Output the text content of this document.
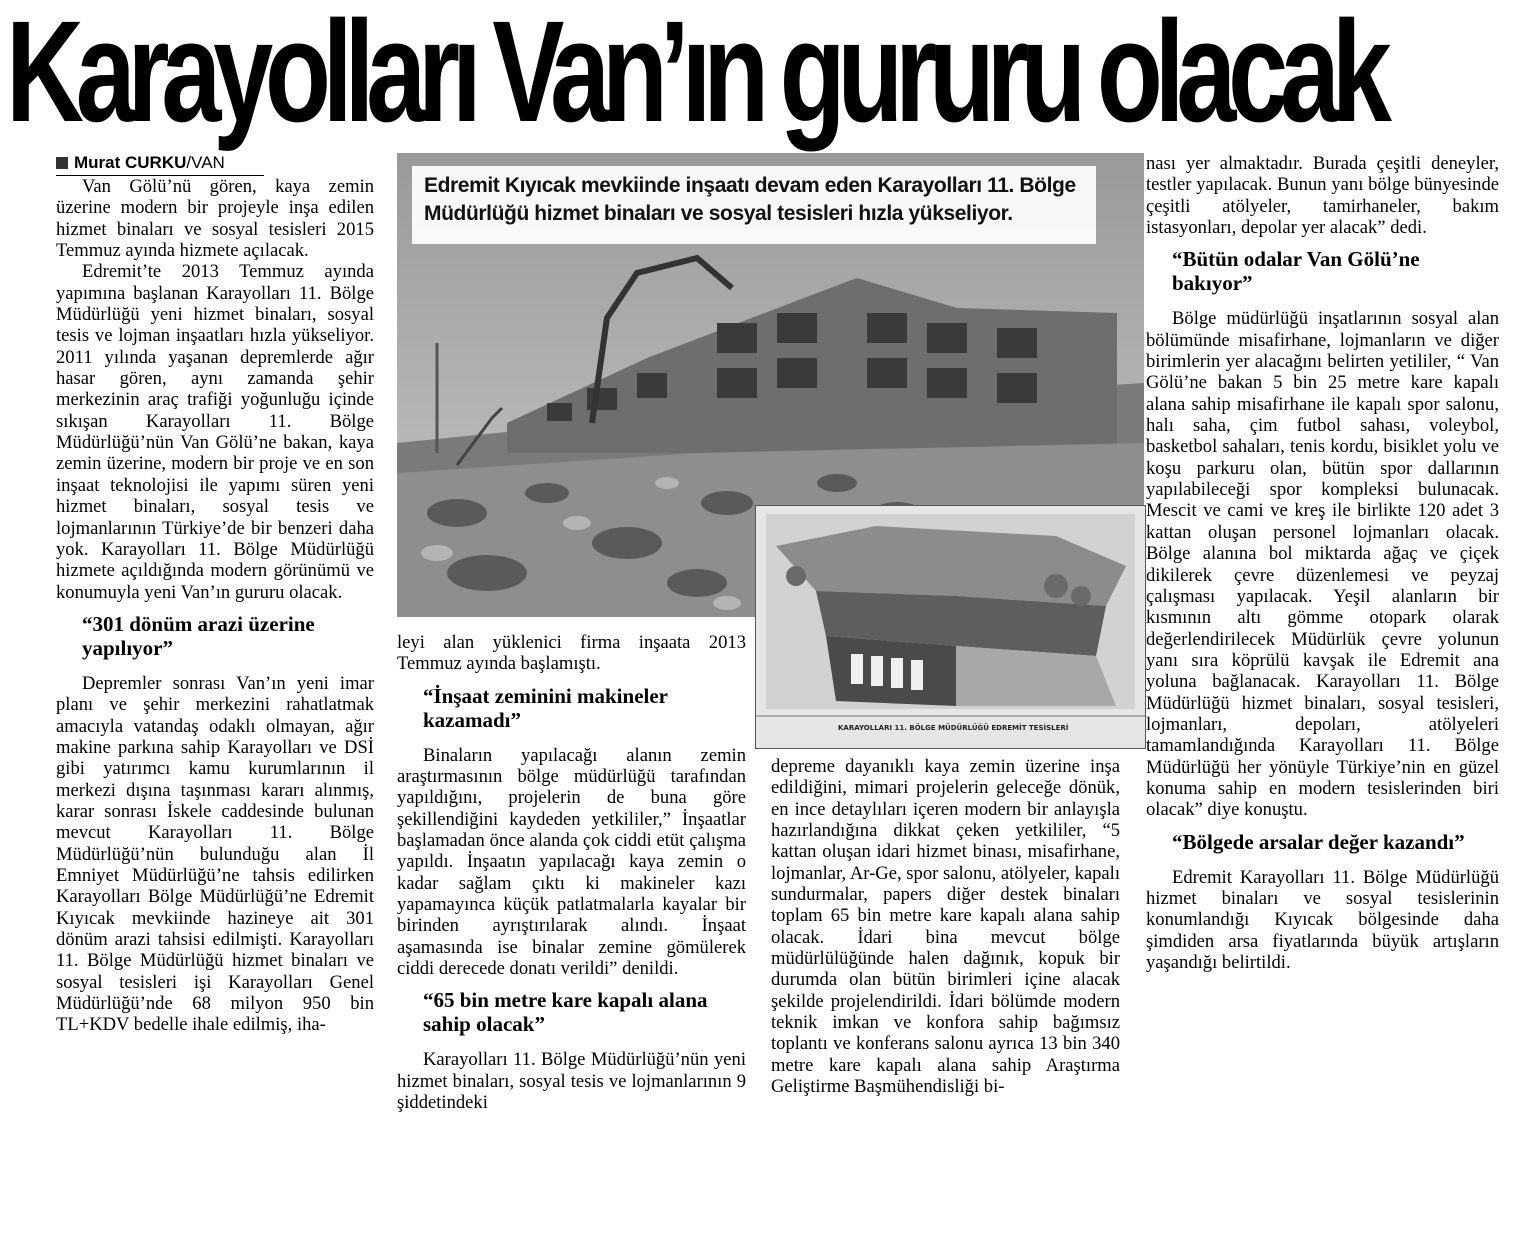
Karayolları Van’ın gururu olacak

Murat CURKU/VAN

Van Gölü’nü gören, kaya zemin üzerine modern bir projeyle inşa edilen hizmet binaları ve sosyal tesisleri 2015 Temmuz ayında hizmete açılacak.

Edremit’te 2013 Temmuz ayında yapımına başlanan Karayolları 11. Bölge Müdürlüğü yeni hizmet binaları, sosyal tesis ve lojman inşaatları hızla yükseliyor. 2011 yılında yaşanan depremlerde ağır hasar gören, aynı zamanda şehir merkezinin araç trafiği yoğunluğu içinde sıkışan Karayolları 11. Bölge Müdürlüğü’nün Van Gölü’ne bakan, kaya zemin üzerine, modern bir proje ve en son inşaat teknolojisi ile yapımı süren yeni hizmet binaları, sosyal tesis ve lojmanlarının Türkiye’de bir benzeri daha yok. Karayolları 11. Bölge Müdürlüğü hizmete açıldığında modern görünümü ve konumuyla yeni Van’ın gururu olacak.

“301 dönüm arazi üzerine yapılıyor”

Depremler sonrası Van’ın yeni imar planı ve şehir merkezini rahatlatmak amacıyla vatandaş odaklı olmayan, ağır makine parkına sahip Karayolları ve DSİ gibi yatırımcı kamu kurumlarının il merkezi dışına taşınması kararı alınmış, karar sonrası İskele caddesinde bulunan mevcut Karayolları 11. Bölge Müdürlüğü’nün bulunduğu alan İl Emniyet Müdürlüğü’ne tahsis edilirken Karayolları Bölge Müdürlüğü’ne Edremit Kıyıcak mevkiinde hazineye ait 301 dönüm arazi tahsisi edilmişti. Karayolları 11. Bölge Müdürlüğü hizmet binaları ve sosyal tesisleri işi Karayolları Genel Müdürlüğü’nde 68 milyon 950 bin TL+KDV bedelle ihale edilmiş, iha-

Edremit Kıyıcak mevkiinde inşaatı devam eden Karayolları 11. Bölge Müdürlüğü hizmet binaları ve sosyal tesisleri hızla yükseliyor.
KARAYOLLARI 11. BÖLGE MÜDÜRLÜĞÜ EDREMİT TESİSLERİ

leyi alan yüklenici firma inşaata 2013 Temmuz ayında başlamıştı.

“İnşaat zeminini makineler kazamadı”

Binaların yapılacağı alanın zemin araştırmasının bölge müdürlüğü tarafından yapıldığını, projelerin de buna göre şekillendiğini kaydeden yetkililer,” İnşaatlar başlamadan önce alanda çok ciddi etüt çalışma yapıldı. İnşaatın yapılacağı kaya zemin o kadar sağlam çıktı ki makineler kazı yapamayınca küçük patlatmalarla kayalar bir birinden ayrıştırılarak alındı. İnşaat aşamasında ise binalar zemine gömülerek ciddi derecede donatı verildi” denildi.

“65 bin metre kare kapalı alana sahip olacak”

Karayolları 11. Bölge Müdürlüğü’nün yeni hizmet binaları, sosyal tesis ve lojmanlarının 9 şiddetindeki

depreme dayanıklı kaya zemin üzerine inşa edildiğini, mimari projelerin geleceğe dönük, en ince detaylıları içeren modern bir anlayışla hazırlandığına dikkat çeken yetkililer, “5 kattan oluşan idari hizmet binası, misafirhane, lojmanlar, Ar-Ge, spor salonu, atölyeler, kapalı sundurmalar, papers diğer destek binaları toplam 65 bin metre kare kapalı alana sahip olacak. İdari bina mevcut bölge müdürlülüğünde halen dağınık, kopuk bir durumda olan bütün birimleri içine alacak şekilde projelendirildi. İdari bölümde modern teknik imkan ve konfora sahip bağımsız toplantı ve konferans salonu ayrıca 13 bin 340 metre kare kapalı alana sahip Araştırma Geliştirme Başmühendisliği bi-

nası yer almaktadır. Burada çeşitli deneyler, testler yapılacak. Bunun yanı bölge bünyesinde çeşitli atölyeler, tamirhaneler, bakım istasyonları, depolar yer alacak” dedi.

“Bütün odalar Van Gölü’ne bakıyor”

Bölge müdürlüğü inşatlarının sosyal alan bölümünde misafirhane, lojmanların ve diğer birimlerin yer alacağını belirten yetililer, “ Van Gölü’ne bakan 5 bin 25 metre kare kapalı alana sahip misafirhane ile kapalı spor salonu, halı saha, çim futbol sahası, voleybol, basketbol sahaları, tenis kordu, bisiklet yolu ve koşu parkuru olan, bütün spor dallarının yapılabileceği spor kompleksi bulunacak. Mescit ve cami ve kreş ile birlikte 120 adet 3 kattan oluşan personel lojmanları olacak. Bölge alanına bol miktarda ağaç ve çiçek dikilerek çevre düzenlemesi ve peyzaj çalışması yapılacak. Yeşil alanların bir kısmının altı gömme otopark olarak değerlendirilecek Müdürlük çevre yolunun yanı sıra köprülü kavşak ile Edremit ana yoluna bağlanacak. Karayolları 11. Bölge Müdürlüğü hizmet binaları, sosyal tesisleri, lojmanları, depoları, atölyeleri tamamlandığında Karayolları 11. Bölge Müdürlüğü her yönüyle Türkiye’nin en güzel konuma sahip en modern tesislerinden biri olacak” diye konuştu.

“Bölgede arsalar değer kazandı”

Edremit Karayolları 11. Bölge Müdürlüğü hizmet binaları ve sosyal tesislerinin konumlandığı Kıyıcak bölgesinde daha şimdiden arsa fiyatlarında büyük artışların yaşandığı belirtildi.
